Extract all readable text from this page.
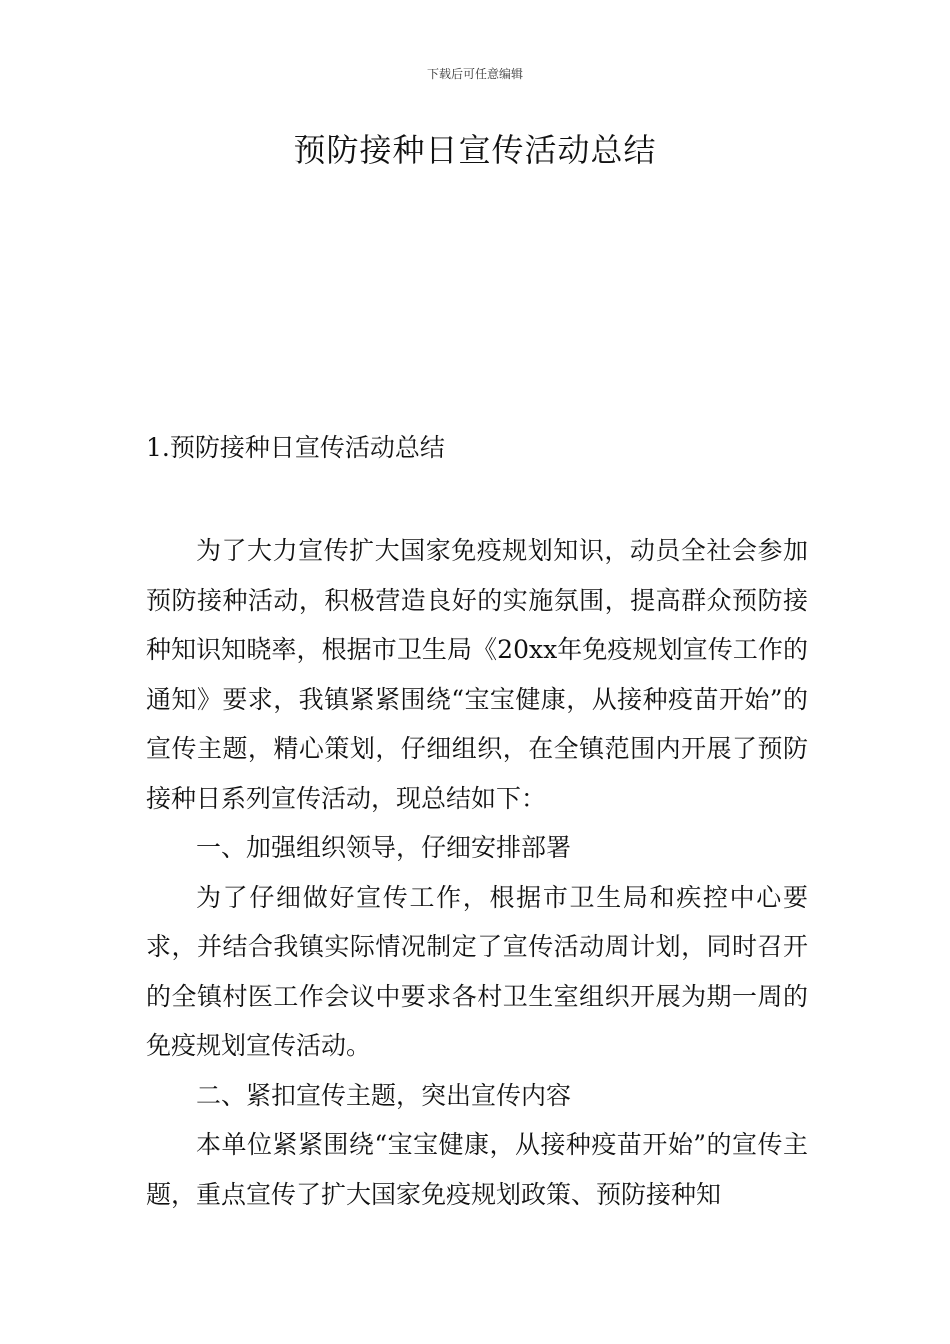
下载后可任意编辑
预防接种日宣传活动总结
1.预防接种日宣传活动总结

为了大力宣传扩大国家免疫规划知识，动员全社会参加预防接种活动，积极营造良好的实施氛围，提高群众预防接种知识知晓率，根据市卫生局《20xx年免疫规划宣传工作的通知》要求，我镇紧紧围绕“宝宝健康，从接种疫苗开始”的宣传主题，精心策划，仔细组织，在全镇范围内开展了预防接种日系列宣传活动，现总结如下：

一、加强组织领导，仔细安排部署

为了仔细做好宣传工作，根据市卫生局和疾控中心要求，并结合我镇实际情况制定了宣传活动周计划，同时召开的全镇村医工作会议中要求各村卫生室组织开展为期一周的免疫规划宣传活动。

二、紧扣宣传主题，突出宣传内容

本单位紧紧围绕“宝宝健康，从接种疫苗开始”的宣传主题，重点宣传了扩大国家免疫规划政策、预防接种知
